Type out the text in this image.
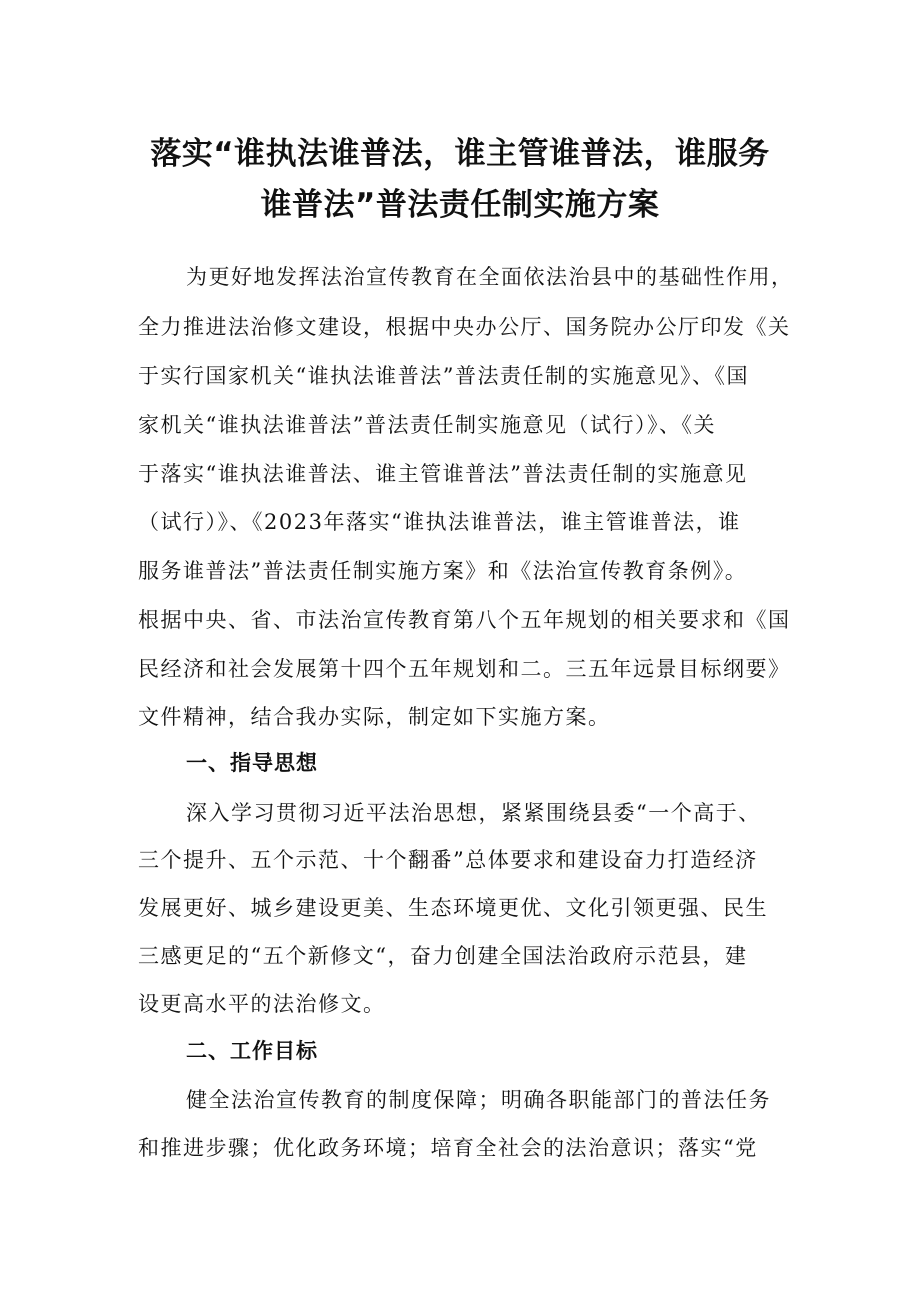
落实“谁执法谁普法，谁主管谁普法，谁服务
谁普法”普法责任制实施方案
为更好地发挥法治宣传教育在全面依法治县中的基础性作用，
全力推进法治修文建设，根据中央办公厅、国务院办公厅印发《关
于实行国家机关“谁执法谁普法”普法责任制的实施意见》、《国
家机关“谁执法谁普法”普法责任制实施意见（试行）》、《关
于落实“谁执法谁普法、谁主管谁普法”普法责任制的实施意见
（试行）》、《2023年落实“谁执法谁普法，谁主管谁普法，谁
服务谁普法”普法责任制实施方案》和《法治宣传教育条例》。
根据中央、省、市法治宣传教育第八个五年规划的相关要求和《国
民经济和社会发展第十四个五年规划和二。三五年远景目标纲要》
文件精神，结合我办实际，制定如下实施方案。
一、指导思想
深入学习贯彻习近平法治思想，紧紧围绕县委“一个高于、
三个提升、五个示范、十个翻番”总体要求和建设奋力打造经济
发展更好、城乡建设更美、生态环境更优、文化引领更强、民生
三感更足的“五个新修文“，奋力创建全国法治政府示范县，建
设更高水平的法治修文。
二、工作目标
健全法治宣传教育的制度保障；明确各职能部门的普法任务
和推进步骤；优化政务环境；培育全社会的法治意识；落实“党
